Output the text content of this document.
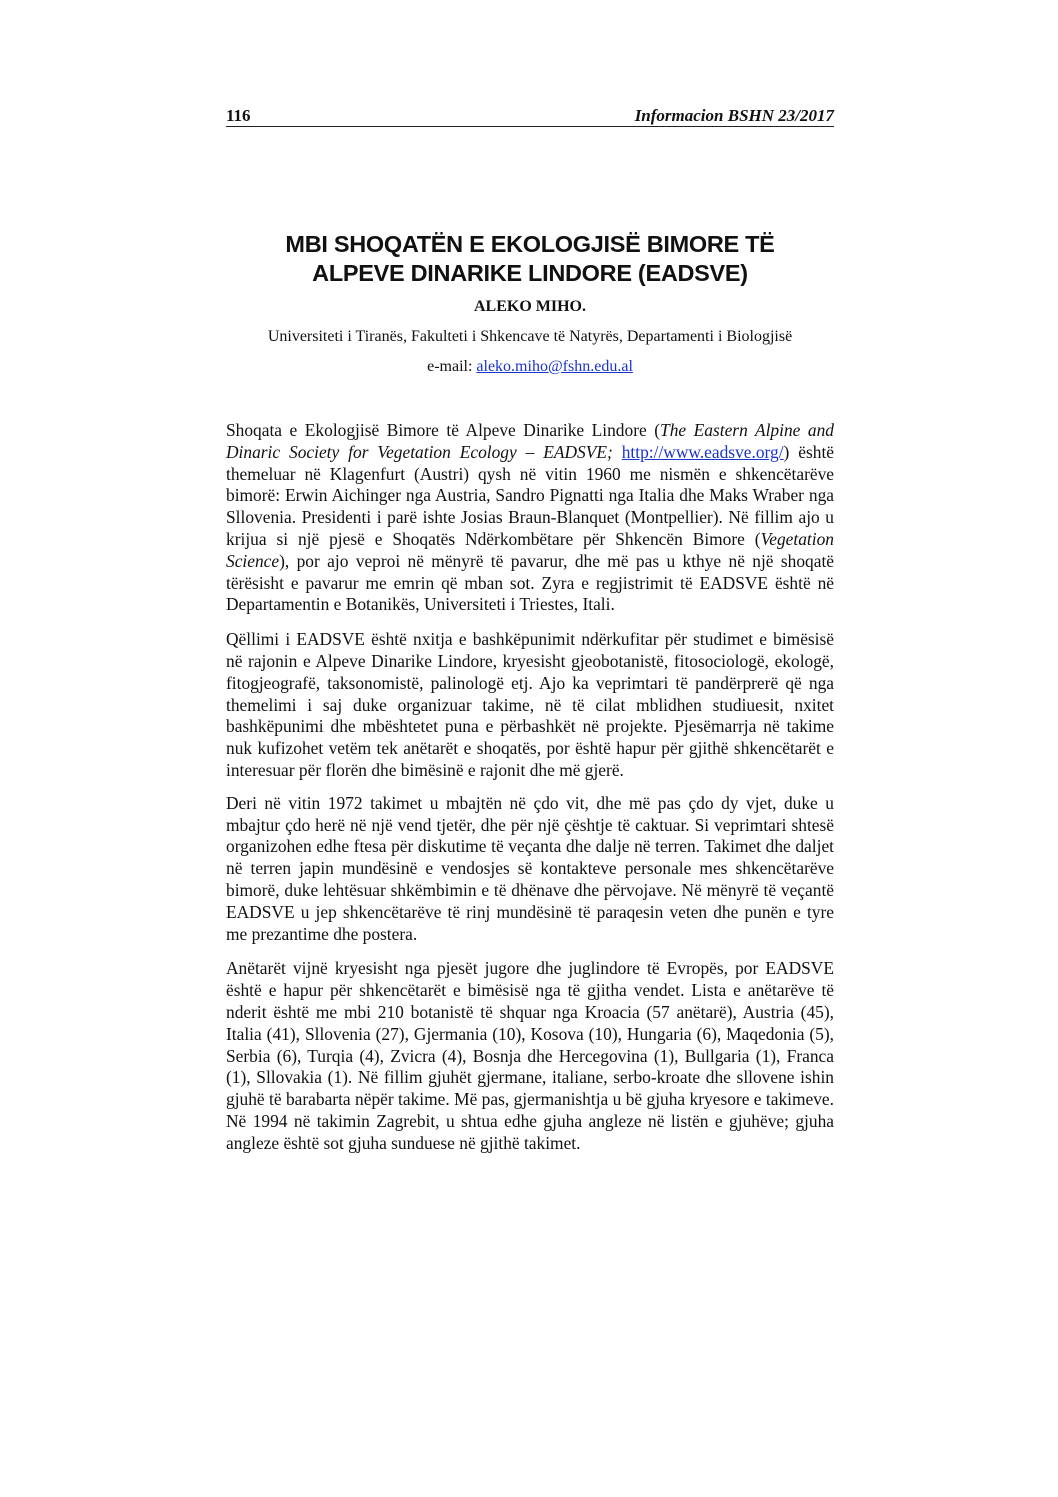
116	Informacion BSHN 23/2017
MBI SHOQATËN E EKOLOGJISË BIMORE TË
ALPEVE DINARIKE LINDORE (EADSVE)
ALEKO MIHO.
Universiteti i Tiranës, Fakulteti i Shkencave të Natyrës, Departamenti i Biologjisë
e-mail: aleko.miho@fshn.edu.al

Shoqata e Ekologjisë Bimore të Alpeve Dinarike Lindore (The Eastern Alpine and Dinaric Society for Vegetation Ecology – EADSVE; http://www.eadsve.org/) është themeluar në Klagenfurt (Austri) qysh në vitin 1960 me nismën e shkencëtarëve bimorë: Erwin Aichinger nga Austria, Sandro Pignatti nga Italia dhe Maks Wraber nga Sllovenia. Presidenti i parë ishte Josias Braun-Blanquet (Montpellier). Në fillim ajo u krijua si një pjesë e Shoqatës Ndërkombëtare për Shkencën Bimore (Vegetation Science), por ajo veproi në mënyrë të pavarur, dhe më pas u kthye në një shoqatë tërësisht e pavarur me emrin që mban sot. Zyra e regjistrimit të EADSVE është në Departamentin e Botanikës, Universiteti i Triestes, Itali.

Qëllimi i EADSVE është nxitja e bashkëpunimit ndërkufitar për studimet e bimësisë në rajonin e Alpeve Dinarike Lindore, kryesisht gjeobotanistë, fitosociologë, ekologë, fitogjeografë, taksonomistë, palinologë etj. Ajo ka veprimtari të pandërprerë që nga themelimi i saj duke organizuar takime, në të cilat mblidhen studiuesit, nxitet bashkëpunimi dhe mbështetet puna e përbashkët në projekte. Pjesëmarrja në takime nuk kufizohet vetëm tek anëtarët e shoqatës, por është hapur për gjithë shkencëtarët e interesuar për florën dhe bimësinë e rajonit dhe më gjerë.

Deri në vitin 1972 takimet u mbajtën në çdo vit, dhe më pas çdo dy vjet, duke u mbajtur çdo herë në një vend tjetër, dhe për një çështje të caktuar. Si veprimtari shtesë organizohen edhe ftesa për diskutime të veçanta dhe dalje në terren. Takimet dhe daljet në terren japin mundësinë e vendosjes së kontakteve personale mes shkencëtarëve bimorë, duke lehtësuar shkëmbimin e të dhënave dhe përvojave. Në mënyrë të veçantë EADSVE u jep shkencëtarëve të rinj mundësinë të paraqesin veten dhe punën e tyre me prezantime dhe postera.

Anëtarët vijnë kryesisht nga pjesët jugore dhe juglindore të Evropës, por EADSVE është e hapur për shkencëtarët e bimësisë nga të gjitha vendet. Lista e anëtarëve të nderit është me mbi 210 botanistë të shquar nga Kroacia (57 anëtarë), Austria (45), Italia (41), Sllovenia (27), Gjermania (10), Kosova (10), Hungaria (6), Maqedonia (5), Serbia (6), Turqia (4), Zvicra (4), Bosnja dhe Hercegovina (1), Bullgaria (1), Franca (1), Sllovakia (1). Në fillim gjuhët gjermane, italiane, serbo-kroate dhe sllovene ishin gjuhë të barabarta nëpër takime. Më pas, gjermanishtja u bë gjuha kryesore e takimeve. Në 1994 në takimin Zagrebit, u shtua edhe gjuha angleze në listën e gjuhëve; gjuha angleze është sot gjuha sunduese në gjithë takimet.
